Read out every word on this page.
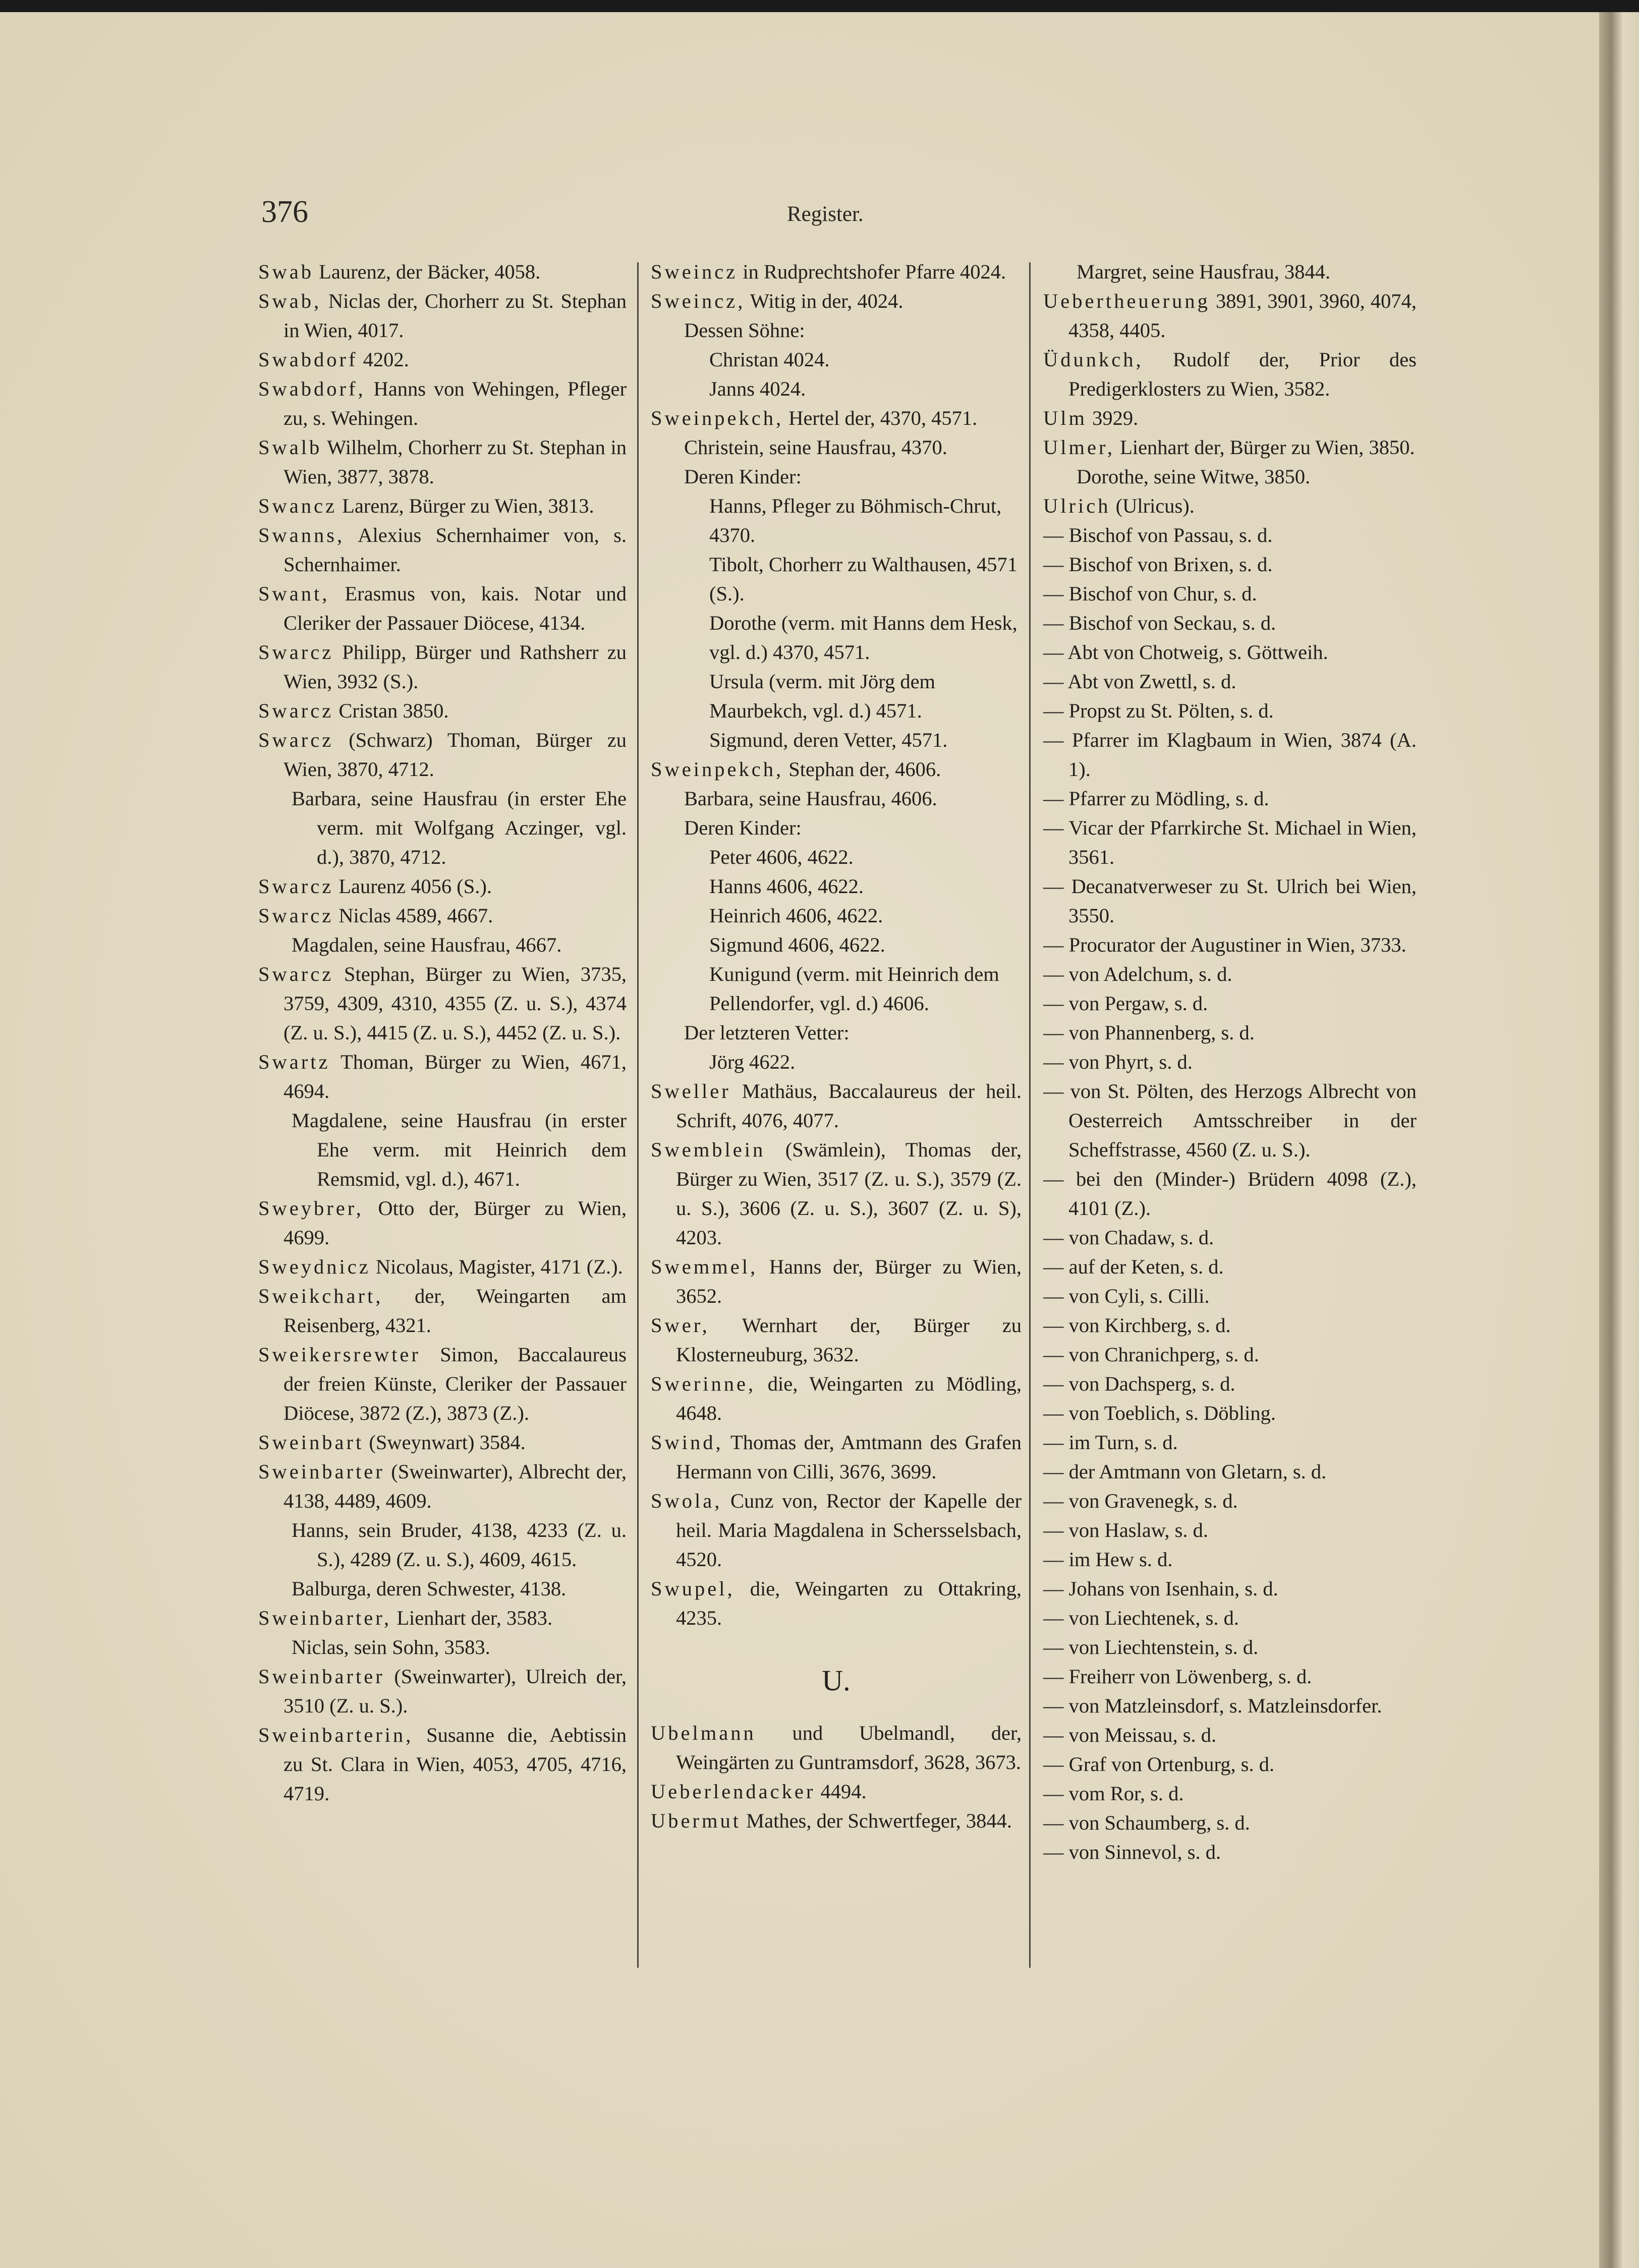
376	Register.
Swab Laurenz, der Bäcker, 4058.
Swab, Niclas der, Chorherr zu St. Stephan in Wien, 4017.
Swabdorf 4202.
Swabdorf, Hanns von Wehingen, Pfleger zu, s. Wehingen.
Swalb Wilhelm, Chorherr zu St. Stephan in Wien, 3877, 3878.
Swancz Larenz, Bürger zu Wien, 3813.
Swanns, Alexius Schernhaimer von, s. Schernhaimer.
Swant, Erasmus von, kais. Notar und Cleriker der Passauer Diöcese, 4134.
Swarcz Philipp, Bürger und Rathsherr zu Wien, 3932 (S.).
Swarcz Cristan 3850.
Swarcz (Schwarz) Thoman, Bürger zu Wien, 3870, 4712.
Barbara, seine Hausfrau (in erster Ehe verm. mit Wolfgang Aczinger, vgl. d.), 3870, 4712.
Swarcz Laurenz 4056 (S.).
Swarcz Niclas 4589, 4667.
Magdalen, seine Hausfrau, 4667.
Swarcz Stephan, Bürger zu Wien, 3735, 3759, 4309, 4310, 4355 (Z. u. S.), 4374 (Z. u. S.), 4415 (Z. u. S.), 4452 (Z. u. S.).
Swartz Thoman, Bürger zu Wien, 4671, 4694.
Magdalene, seine Hausfrau (in erster Ehe verm. mit Heinrich dem Remsmid, vgl. d.), 4671.
Sweybrer, Otto der, Bürger zu Wien, 4699.
Sweydnicz Nicolaus, Magister, 4171 (Z.).
Sweikchart, der, Weingarten am Reisenberg, 4321.
Sweikersrewter Simon, Baccalaureus der freien Künste, Cleriker der Passauer Diöcese, 3872 (Z.), 3873 (Z.).
Sweinbart (Sweynwart) 3584.
Sweinbarter (Sweinwarter), Albrecht der, 4138, 4489, 4609.
Hanns, sein Bruder, 4138, 4233 (Z. u. S.), 4289 (Z. u. S.), 4609, 4615.
Balburga, deren Schwester, 4138.
Sweinbarter, Lienhart der, 3583.
Niclas, sein Sohn, 3583.
Sweinbarter (Sweinwarter), Ulreich der, 3510 (Z. u. S.).
Sweinbarterin, Susanne die, Aebtissin zu St. Clara in Wien, 4053, 4705, 4716, 4719.
Sweincz in Rudprechtshofer Pfarre 4024.
Sweincz, Witig in der, 4024.
Dessen Söhne:
Christan 4024.
Janns 4024.
Sweinpekch, Hertel der, 4370, 4571.
Christein, seine Hausfrau, 4370.
Deren Kinder:
Hanns, Pfleger zu Böhmisch-Chrut, 4370.
Tibolt, Chorherr zu Walthausen, 4571 (S.).
Dorothe (verm. mit Hanns dem Hesk, vgl. d.) 4370, 4571.
Ursula (verm. mit Jörg dem Maurbekch, vgl. d.) 4571.
Sigmund, deren Vetter, 4571.
Sweinpekch, Stephan der, 4606.
Barbara, seine Hausfrau, 4606.
Deren Kinder:
Peter 4606, 4622.
Hanns 4606, 4622.
Heinrich 4606, 4622.
Sigmund 4606, 4622.
Kunigund (verm. mit Heinrich dem Pellendorfer, vgl. d.) 4606.
Der letzteren Vetter:
Jörg 4622.
Sweller Mathäus, Baccalaureus der heil. Schrift, 4076, 4077.
Swemblein (Swämlein), Thomas der, Bürger zu Wien, 3517 (Z. u. S.), 3579 (Z. u. S.), 3606 (Z. u. S.), 3607 (Z. u. S), 4203.
Swemmel, Hanns der, Bürger zu Wien, 3652.
Swer, Wernhart der, Bürger zu Klosterneuburg, 3632.
Swerinne, die, Weingarten zu Mödling, 4648.
Swind, Thomas der, Amtmann des Grafen Hermann von Cilli, 3676, 3699.
Swola, Cunz von, Rector der Kapelle der heil. Maria Magdalena in Schersselsbach, 4520.
Swupel, die, Weingarten zu Ottakring, 4235.
U.
Ubelmann und Ubelmandl, der, Weingärten zu Guntramsdorf, 3628, 3673.
Ueberlendacker 4494.
Ubermut Mathes, der Schwertfeger, 3844.
Margret, seine Hausfrau, 3844.
Uebertheuerung 3891, 3901, 3960, 4074, 4358, 4405.
Üdunkch, Rudolf der, Prior des Predigerklosters zu Wien, 3582.
Ulm 3929.
Ulmer, Lienhart der, Bürger zu Wien, 3850.
Dorothe, seine Witwe, 3850.
Ulrich (Ulricus).
— Bischof von Passau, s. d.
— Bischof von Brixen, s. d.
— Bischof von Chur, s. d.
— Bischof von Seckau, s. d.
— Abt von Chotweig, s. Göttweih.
— Abt von Zwettl, s. d.
— Propst zu St. Pölten, s. d.
— Pfarrer im Klagbaum in Wien, 3874 (A. 1).
— Pfarrer zu Mödling, s. d.
— Vicar der Pfarrkirche St. Michael in Wien, 3561.
— Decanatverweser zu St. Ulrich bei Wien, 3550.
— Procurator der Augustiner in Wien, 3733.
— von Adelchum, s. d.
— von Pergaw, s. d.
— von Phannenberg, s. d.
— von Phyrt, s. d.
— von St. Pölten, des Herzogs Albrecht von Oesterreich Amtsschreiber in der Scheffstrasse, 4560 (Z. u. S.).
— bei den (Minder-) Brüdern 4098 (Z.), 4101 (Z.).
— von Chadaw, s. d.
— auf der Keten, s. d.
— von Cyli, s. Cilli.
— von Kirchberg, s. d.
— von Chranichperg, s. d.
— von Dachsperg, s. d.
— von Toeblich, s. Döbling.
— im Turn, s. d.
— der Amtmann von Gletarn, s. d.
— von Gravenegk, s. d.
— von Haslaw, s. d.
— im Hew s. d.
— Johans von Isenhain, s. d.
— von Liechtenek, s. d.
— von Liechtenstein, s. d.
— Freiherr von Löwenberg, s. d.
— von Matzleinsdorf, s. Matzleinsdorfer.
— von Meissau, s. d.
— Graf von Ortenburg, s. d.
— vom Ror, s. d.
— von Schaumberg, s. d.
— von Sinnevol, s. d.
